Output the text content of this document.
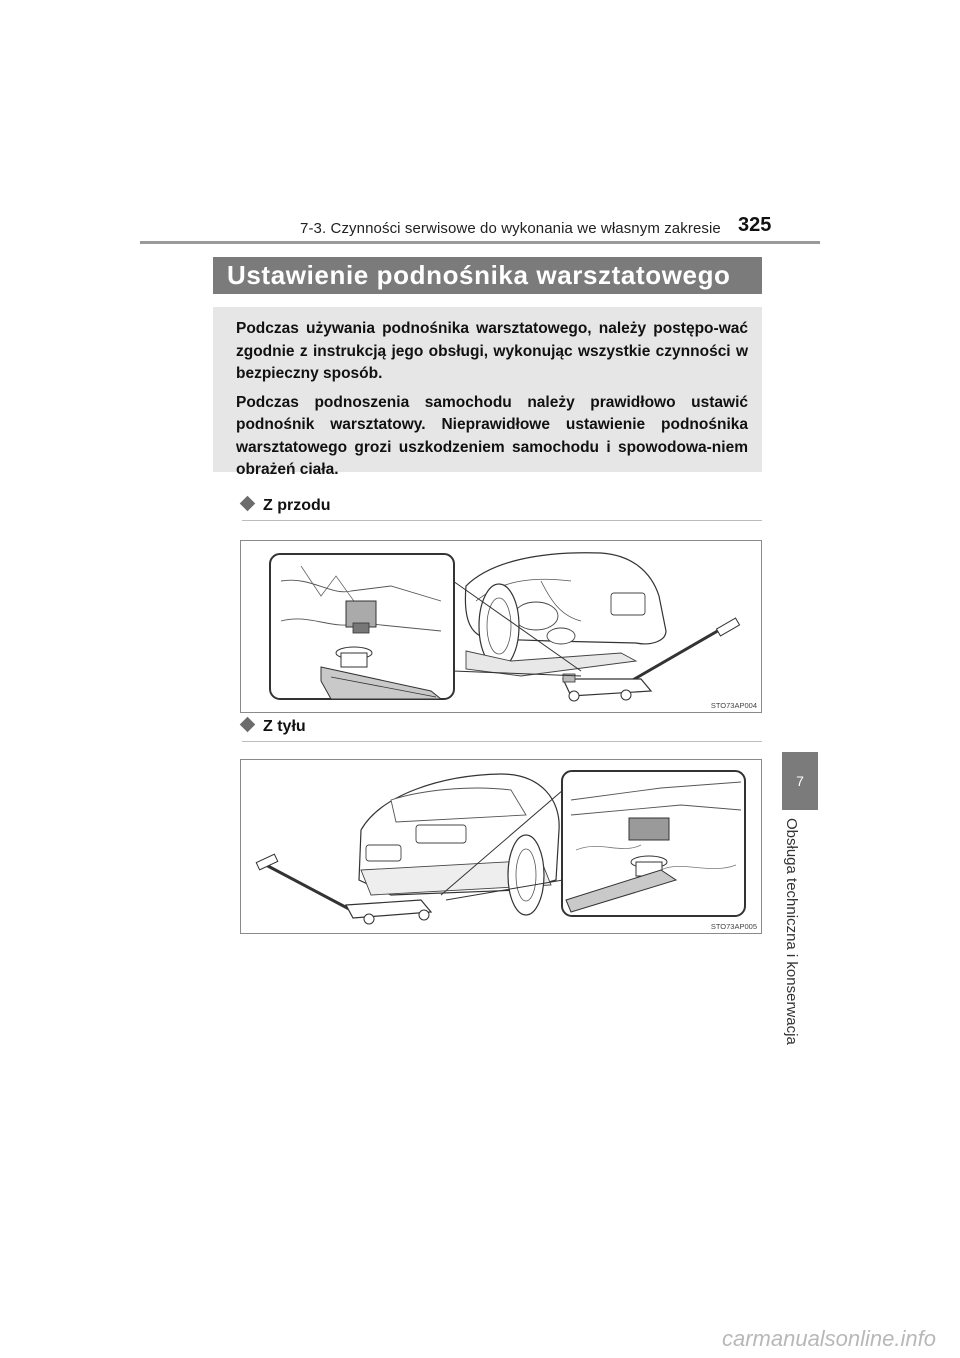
7-3. Czynności serwisowe do wykonania we własnym zakresie 325
Ustawienie podnośnika warsztatowego

Podczas używania podnośnika warsztatowego, należy postępo-wać zgodnie z instrukcją jego obsługi, wykonując wszystkie czynności w bezpieczny sposób.

Podczas podnoszenia samochodu należy prawidłowo ustawić podnośnik warsztatowy. Nieprawidłowe ustawienie podnośnika warsztatowego grozi uszkodzeniem samochodu i spowodowa-niem obrażeń ciała.

Z przodu
STO73AP004
Z tyłu
STO73AP005
7
Obsługa techniczna i konserwacja
carmanualsonline.info
